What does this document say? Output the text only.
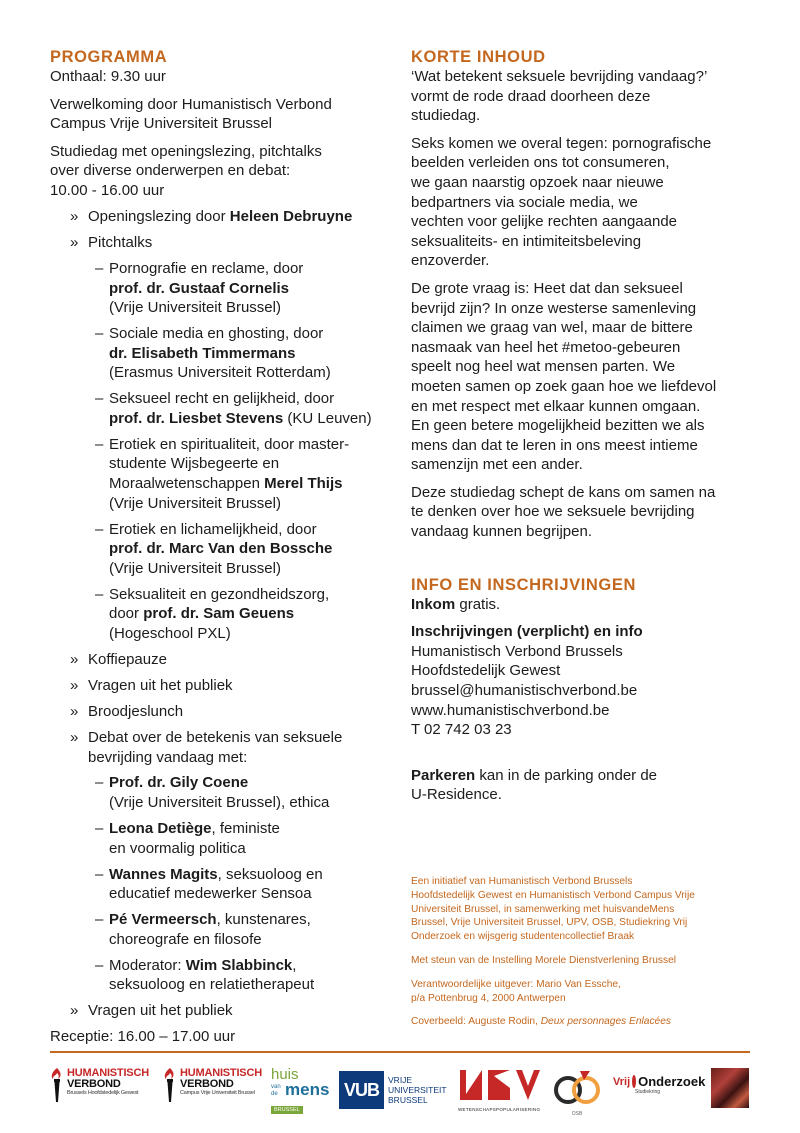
PROGRAMMA
Onthaal: 9.30 uur
Verwelkoming door Humanistisch Verbond
Campus Vrije Universiteit Brussel
Studiedag met openingslezing, pitchtalks
over diverse onderwerpen en debat:
10.00 - 16.00 uur
» Openingslezing door Heleen Debruyne
» Pitchtalks
– Pornografie en reclame, door
prof. dr. Gustaaf Cornelis
(Vrije Universiteit Brussel)
– Sociale media en ghosting, door
dr. Elisabeth Timmermans
(Erasmus Universiteit Rotterdam)
– Seksueel recht en gelijkheid, door
prof. dr. Liesbet Stevens (KU Leuven)
– Erotiek en spiritualiteit, door master-
studente Wijsbegeerte en
Moraalwetenschappen Merel Thijs
(Vrije Universiteit Brussel)
– Erotiek en lichamelijkheid, door
prof. dr. Marc Van den Bossche
(Vrije Universiteit Brussel)
– Seksualiteit en gezondheidszorg,
door prof. dr. Sam Geuens
(Hogeschool PXL)
» Koffiepauze
» Vragen uit het publiek
» Broodjeslunch
» Debat over de betekenis van seksuele
bevrijding vandaag met:
– Prof. dr. Gily Coene
(Vrije Universiteit Brussel), ethica
– Leona Detiège, feministe
en voormalig politica
– Wannes Magits, seksuoloog en
educatief medewerker Sensoa
– Pé Vermeersch, kunstenares,
choreografe en filosofe
– Moderator: Wim Slabbinck,
seksuoloog en relatietherapeut
» Vragen uit het publiek
Receptie: 16.00 – 17.00 uur
KORTE INHOUD
‘Wat betekent seksuele bevrijding vandaag?’
vormt de rode draad doorheen deze
studiedag.
Seks komen we overal tegen: pornografische
beelden verleiden ons tot consumeren,
we gaan naarstig opzoek naar nieuwe
bedpartners via sociale media, we
vechten voor gelijke rechten aangaande
seksualiteits- en intimiteitsbeleving
enzoverder.
De grote vraag is: Heet dat dan seksueel
bevrijd zijn? In onze westerse samenleving
claimen we graag van wel, maar de bittere
nasmaak van heel het #metoo-gebeuren
speelt nog heel wat mensen parten. We
moeten samen op zoek gaan hoe we liefdevol
en met respect met elkaar kunnen omgaan.
En geen betere mogelijkheid bezitten we als
mens dan dat te leren in ons meest intieme
samenzijn met een ander.
Deze studiedag schept de kans om samen na
te denken over hoe we seksuele bevrijding
vandaag kunnen begrijpen.
INFO EN INSCHRIJVINGEN
Inkom gratis.
Inschrijvingen (verplicht) en info
Humanistisch Verbond Brussels
Hoofdstedelijk Gewest
brussel@humanistischverbond.be
www.humanistischverbond.be
T 02 742 03 23
Parkeren kan in de parking onder de
U-Residence.
Een initiatief van Humanistisch Verbond Brussels
Hoofdstedelijk Gewest en Humanistisch Verbond Campus Vrije
Universiteit Brussel, in samenwerking met huisvandeMens
Brussel, Vrije Universiteit Brussel, UPV, OSB, Studiekring Vrij
Onderzoek en wijsgerig studentencollectief Braak
Met steun van de Instelling Morele Dienstverlening Brussel
Verantwoordelijke uitgever: Mario Van Essche,
p/a Pottenbrug 4, 2000 Antwerpen
Coverbeeld: Auguste Rodin, Deux personnages Enlacées
HUMANISTISCH
VERBOND
Brussels Hoofdstedelijk Gewest
HUMANISTISCH
VERBOND
Campus Vrije Universiteit Brussel
huis
van de mens
BRUSSEL
VUB	VRIJE
UNIVERSITEIT
BRUSSEL
WETENSCHAPSPOPULARISERING
OSB
Vrij Onderzoek
Studiekring
